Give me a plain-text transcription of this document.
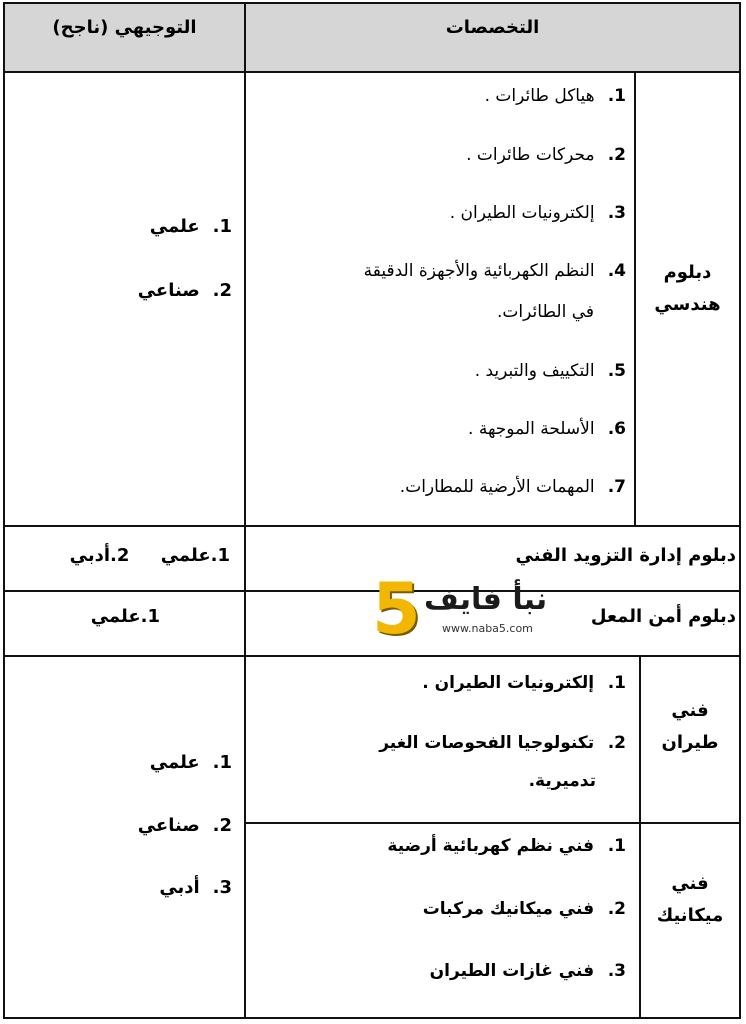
التخصصات
التوجيهي (ناجح)
دبلوم
هندسي
1. هياكل طائرات .
2. محركات طائرات .
3. إلكترونيات الطيران .
4. النظم الكهربائية والأجهزة الدقيقة
في الطائرات.
5. التكييف والتبريد .
6. الأسلحة الموجهة .
7. المهمات الأرضية للمطارات.
1. علمي
2. صناعي
دبلوم إدارة التزويد الفني
1.علمي     2.أدبي
دبلوم أمن المعل
1.علمي
فني
طيران
1. إلكترونيات الطيران .
2. تكنولوجيا الفحوصات الغير
تدميرية.
فني
ميكانيك
1. فني نظم كهربائية أرضية
2. فني ميكانيك مركبات
3. فني غازات الطيران
1. علمي
2. صناعي
3. أدبي
5 نبأ فايف
www.naba5.com
